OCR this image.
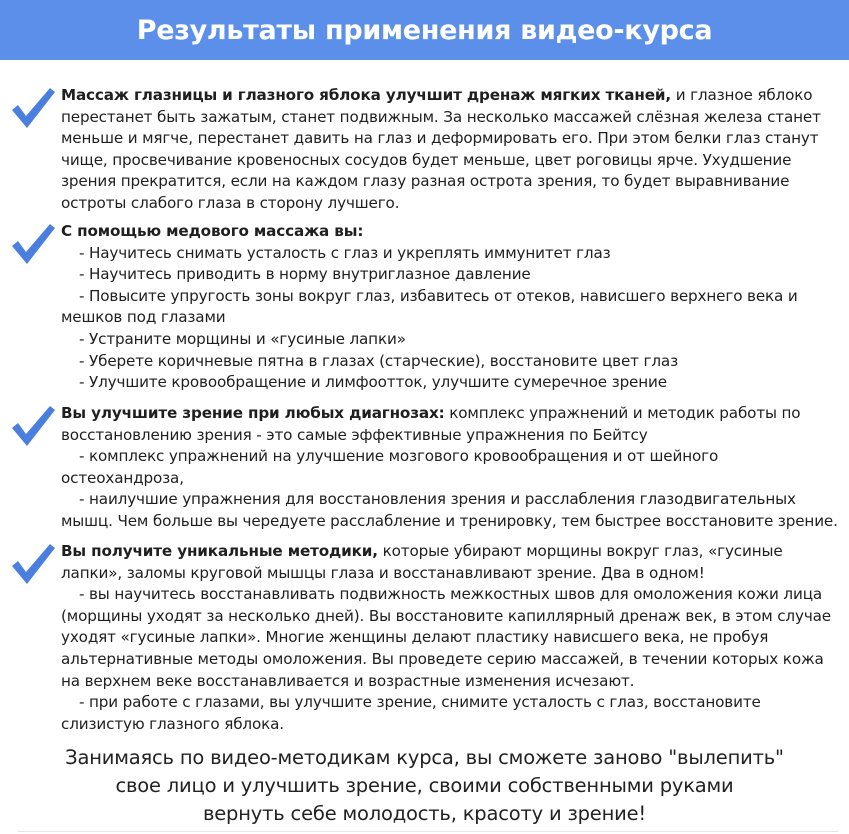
Результаты применения видео-курса

Массаж глазницы и глазного яблока улучшит дренаж мягких тканей, и глазное яблоко перестанет быть зажатым, станет подвижным. За несколько массажей слёзная железа станет меньше и мягче, перестанет давить на глаз и деформировать его. При этом белки глаз станут чище, просвечивание кровеносных сосудов будет меньше, цвет роговицы ярче. Ухудшение зрения прекратится, если на каждом глазу разная острота зрения, то будет выравнивание остроты слабого глаза в сторону лучшего.

С помощью медового массажа вы:

- Научитесь снимать усталость с глаз и укреплять иммунитет глаз
- Научитесь приводить в норму внутриглазное давление
- Повысите упругость зоны вокруг глаз, избавитесь от отеков, нависшего верхнего века и мешков под глазами
- Устраните морщины и «гусиные лапки»
- Уберете коричневые пятна в глазах (старческие), восстановите цвет глаз
- Улучшите кровообращение и лимфоотток, улучшите сумеречное зрение

Вы улучшите зрение при любых диагнозах: комплекс упражнений и методик работы по восстановлению зрения - это самые эффективные упражнения по Бейтсу

- комплекс упражнений на улучшение мозгового кровообращения и от шейного остеохандроза,
- наилучшие упражнения для восстановления зрения и расслабления глазодвигательных мышц. Чем больше вы чередуете расслабление и тренировку, тем быстрее восстановите зрение.

Вы получите уникальные методики, которые убирают морщины вокруг глаз, «гусиные лапки», заломы круговой мышцы глаза и восстанавливают зрение. Два в одном!

- вы научитесь восстанавливать подвижность межкостных швов для омоложения кожи лица (морщины уходят за несколько дней). Вы восстановите капиллярный дренаж век, в этом случае уходят «гусиные лапки». Многие женщины делают пластику нависшего века, не пробуя альтернативные методы омоложения. Вы проведете серию массажей, в течении которых кожа на верхнем веке восстанавливается и возрастные изменения исчезают.
- при работе с глазами, вы улучшите зрение, снимите усталость с глаз, восстановите слизистую глазного яблока.
Занимаясь по видео-методикам курса, вы сможете заново "вылепить"
свое лицо и улучшить зрение, своими собственными руками
вернуть себе молодость, красоту и зрение!
